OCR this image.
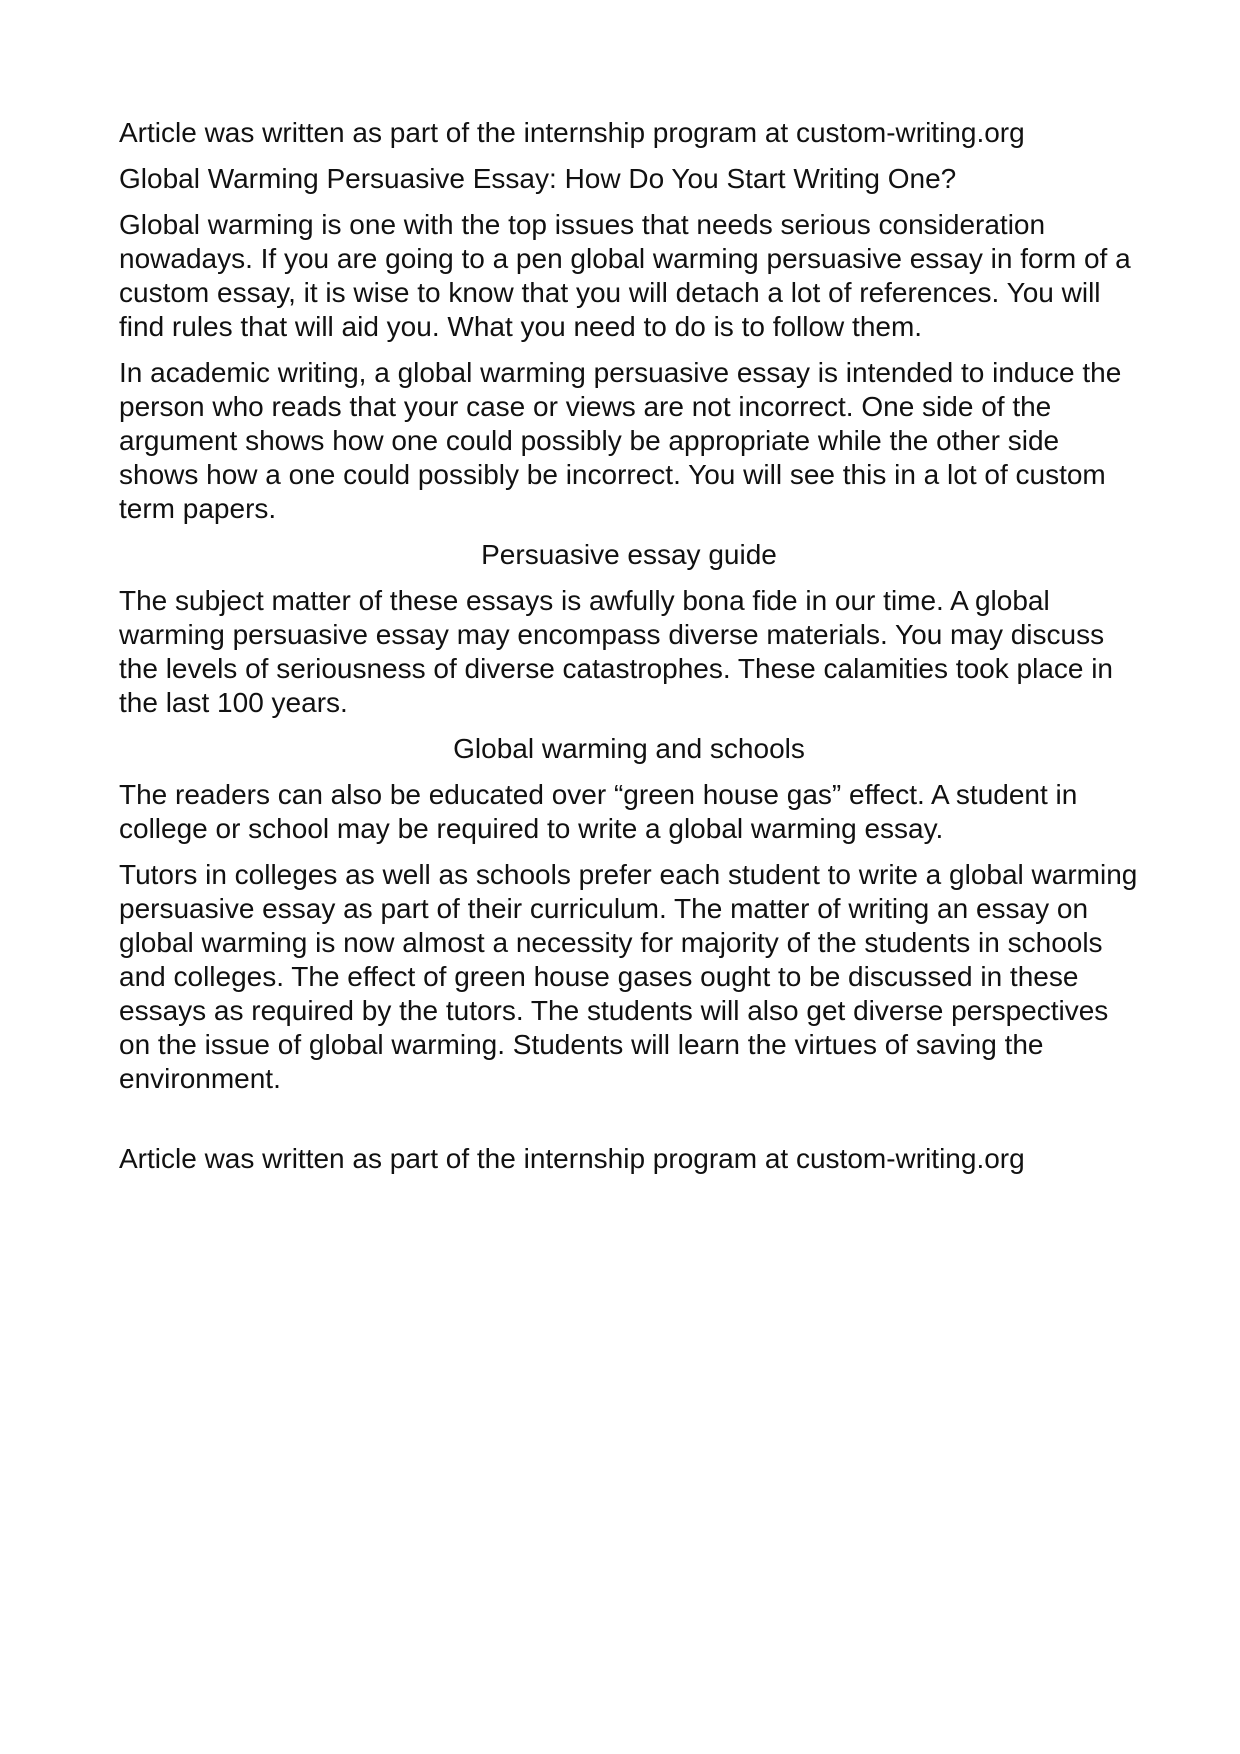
Article was written as part of the internship program at custom-writing.org

Global Warming Persuasive Essay: How Do You Start Writing One?

Global warming is one with the top issues that needs serious consideration nowadays. If you are going to a pen global warming persuasive essay in form of a custom essay, it is wise to know that you will detach a lot of references. You will find rules that will aid you. What you need to do is to follow them.

In academic writing, a global warming persuasive essay is intended to induce the person who reads that your case or views are not incorrect. One side of the argument shows how one could possibly be appropriate while the other side shows how a one could possibly be incorrect. You will see this in a lot of custom term papers.

Persuasive essay guide

The subject matter of these essays is awfully bona fide in our time. A global warming persuasive essay may encompass diverse materials. You may discuss the levels of seriousness of diverse catastrophes. These calamities took place in the last 100 years.

Global warming and schools

The readers can also be educated over “green house gas” effect. A student in college or school may be required to write a global warming essay.

Tutors in colleges as well as schools prefer each student to write a global warming persuasive essay as part of their curriculum. The matter of writing an essay on global warming is now almost a necessity for majority of the students in schools and colleges. The effect of green house gases ought to be discussed in these essays as required by the tutors. The students will also get diverse perspectives on the issue of global warming. Students will learn the virtues of saving the environment.

Article was written as part of the internship program at custom-writing.org
